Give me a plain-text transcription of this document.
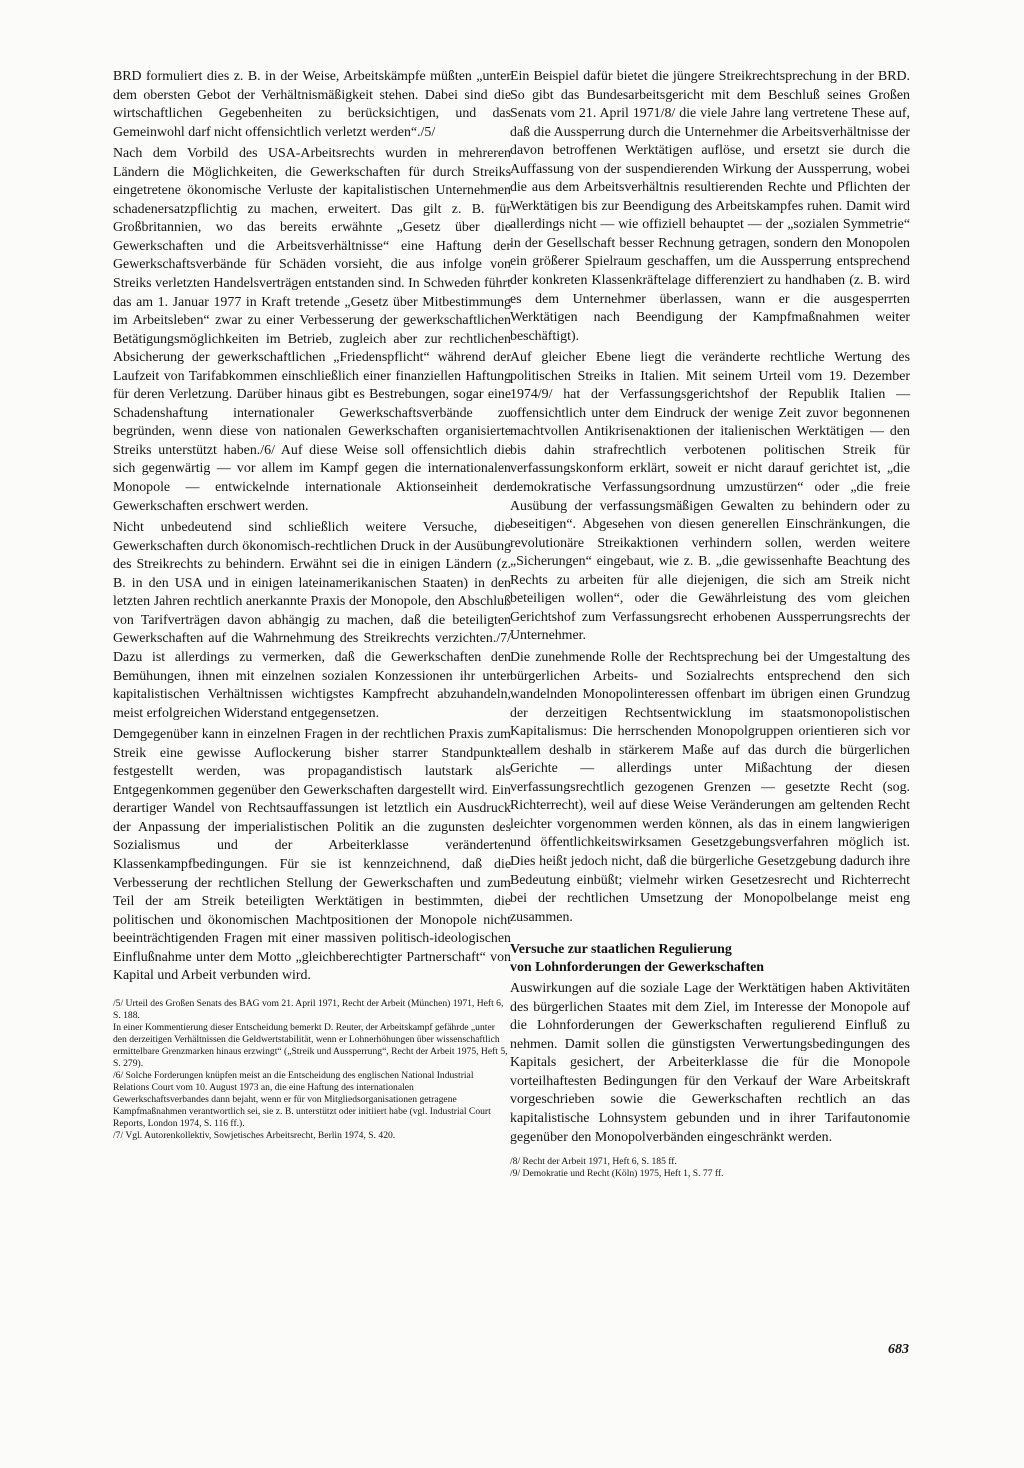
BRD formuliert dies z. B. in der Weise, Arbeitskämpfe müßten „unter dem obersten Gebot der Verhältnismäßigkeit stehen. Dabei sind die wirtschaftlichen Gegebenheiten zu berücksichtigen, und das Gemeinwohl darf nicht offensichtlich verletzt werden“./5/

Nach dem Vorbild des USA-Arbeitsrechts wurden in mehreren Ländern die Möglichkeiten, die Gewerkschaften für durch Streiks eingetretene ökonomische Verluste der kapitalistischen Unternehmen schadenersatzpflichtig zu machen, erweitert. Das gilt z. B. für Großbritannien, wo das bereits erwähnte „Gesetz über die Gewerkschaften und die Arbeitsverhältnisse“ eine Haftung der Gewerkschaftsverbände für Schäden vorsieht, die aus infolge von Streiks verletzten Handelsverträgen entstanden sind. In Schweden führt das am 1. Januar 1977 in Kraft tretende „Gesetz über Mitbestimmung im Arbeitsleben“ zwar zu einer Verbesserung der gewerkschaftlichen Betätigungsmöglichkeiten im Betrieb, zugleich aber zur rechtlichen Absicherung der gewerkschaftlichen „Friedenspflicht“ während der Laufzeit von Tarifabkommen einschließlich einer finanziellen Haftung für deren Verletzung. Darüber hinaus gibt es Bestrebungen, sogar eine Schadenshaftung internationaler Gewerkschaftsverbände zu begründen, wenn diese von nationalen Gewerkschaften organisierte Streiks unterstützt haben./6/ Auf diese Weise soll offensichtlich die sich gegenwärtig — vor allem im Kampf gegen die internationalen Monopole — entwickelnde internationale Aktionseinheit der Gewerkschaften erschwert werden.

Nicht unbedeutend sind schließlich weitere Versuche, die Gewerkschaften durch ökonomisch-rechtlichen Druck in der Ausübung des Streikrechts zu behindern. Erwähnt sei die in einigen Ländern (z. B. in den USA und in einigen lateinamerikanischen Staaten) in den letzten Jahren rechtlich anerkannte Praxis der Monopole, den Abschluß von Tarifverträgen davon abhängig zu machen, daß die beteiligten Gewerkschaften auf die Wahrnehmung des Streikrechts verzichten./7/ Dazu ist allerdings zu vermerken, daß die Gewerkschaften den Bemühungen, ihnen mit einzelnen sozialen Konzessionen ihr unter kapitalistischen Verhältnissen wichtigstes Kampfrecht abzuhandeln, meist erfolgreichen Widerstand entgegensetzen.

Demgegenüber kann in einzelnen Fragen in der rechtlichen Praxis zum Streik eine gewisse Auflockerung bisher starrer Standpunkte festgestellt werden, was propagandistisch lautstark als Entgegenkommen gegenüber den Gewerkschaften dargestellt wird. Ein derartiger Wandel von Rechtsauffassungen ist letztlich ein Ausdruck der Anpassung der imperialistischen Politik an die zugunsten des Sozialismus und der Arbeiterklasse veränderten Klassenkampfbedingungen. Für sie ist kennzeichnend, daß die Verbesserung der rechtlichen Stellung der Gewerkschaften und zum Teil der am Streik beteiligten Werktätigen in bestimmten, die politischen und ökonomischen Machtpositionen der Monopole nicht beeinträchtigenden Fragen mit einer massiven politisch-ideologischen Einflußnahme unter dem Motto „gleichberechtigter Partnerschaft“ von Kapital und Arbeit verbunden wird.

/5/ Urteil des Großen Senats des BAG vom 21. April 1971, Recht der Arbeit (München) 1971, Heft 6, S. 188.

In einer Kommentierung dieser Entscheidung bemerkt D. Reuter, der Arbeitskampf gefährde „unter den derzeitigen Verhältnissen die Geldwertstabilität, wenn er Lohnerhöhungen über wissenschaftlich ermittelbare Grenzmarken hinaus erzwingt“ („Streik und Aussperrung“, Recht der Arbeit 1975, Heft 5, S. 279).

/6/ Solche Forderungen knüpfen meist an die Entscheidung des englischen National Industrial Relations Court vom 10. August 1973 an, die eine Haftung des internationalen Gewerkschaftsverbandes dann bejaht, wenn er für von Mitgliedsorganisationen getragene Kampfmaßnahmen verantwortlich sei, sie z. B. unterstützt oder initiiert habe (vgl. Industrial Court Reports, London 1974, S. 116 ff.).

/7/ Vgl. Autorenkollektiv, Sowjetisches Arbeitsrecht, Berlin 1974, S. 420.

Ein Beispiel dafür bietet die jüngere Streikrechtsprechung in der BRD. So gibt das Bundesarbeitsgericht mit dem Beschluß seines Großen Senats vom 21. April 1971/8/ die viele Jahre lang vertretene These auf, daß die Aussperrung durch die Unternehmer die Arbeitsverhältnisse der davon betroffenen Werktätigen auflöse, und ersetzt sie durch die Auffassung von der suspendierenden Wirkung der Aussperrung, wobei die aus dem Arbeitsverhältnis resultierenden Rechte und Pflichten der Werktätigen bis zur Beendigung des Arbeitskampfes ruhen. Damit wird allerdings nicht — wie offiziell behauptet — der „sozialen Symmetrie“ in der Gesellschaft besser Rechnung getragen, sondern den Monopolen ein größerer Spielraum geschaffen, um die Aussperrung entsprechend der konkreten Klassenkräftelage differenziert zu handhaben (z. B. wird es dem Unternehmer überlassen, wann er die ausgesperrten Werktätigen nach Beendigung der Kampfmaßnahmen weiter beschäftigt).

Auf gleicher Ebene liegt die veränderte rechtliche Wertung des politischen Streiks in Italien. Mit seinem Urteil vom 19. Dezember 1974/9/ hat der Verfassungsgerichtshof der Republik Italien — offensichtlich unter dem Eindruck der wenige Zeit zuvor begonnenen machtvollen Antikrisenaktionen der italienischen Werktätigen — den bis dahin strafrechtlich verbotenen politischen Streik für verfassungskonform erklärt, soweit er nicht darauf gerichtet ist, „die demokratische Verfassungsordnung umzustürzen“ oder „die freie Ausübung der verfassungsmäßigen Gewalten zu behindern oder zu beseitigen“. Abgesehen von diesen generellen Einschränkungen, die revolutionäre Streikaktionen verhindern sollen, werden weitere „Sicherungen“ eingebaut, wie z. B. „die gewissenhafte Beachtung des Rechts zu arbeiten für alle diejenigen, die sich am Streik nicht beteiligen wollen“, oder die Gewährleistung des vom gleichen Gerichtshof zum Verfassungsrecht erhobenen Aussperrungsrechts der Unternehmer.

Die zunehmende Rolle der Rechtsprechung bei der Umgestaltung des bürgerlichen Arbeits- und Sozialrechts entsprechend den sich wandelnden Monopolinteressen offenbart im übrigen einen Grundzug der derzeitigen Rechtsentwicklung im staatsmonopolistischen Kapitalismus: Die herrschenden Monopolgruppen orientieren sich vor allem deshalb in stärkerem Maße auf das durch die bürgerlichen Gerichte — allerdings unter Mißachtung der diesen verfassungsrechtlich gezogenen Grenzen — gesetzte Recht (sog. Richterrecht), weil auf diese Weise Veränderungen am geltenden Recht leichter vorgenommen werden können, als das in einem langwierigen und öffentlichkeitswirksamen Gesetzgebungsverfahren möglich ist. Dies heißt jedoch nicht, daß die bürgerliche Gesetzgebung dadurch ihre Bedeutung einbüßt; vielmehr wirken Gesetzesrecht und Richterrecht bei der rechtlichen Umsetzung der Monopolbelange meist eng zusammen.

Versuche zur staatlichen Regulierung
von Lohnforderungen der Gewerkschaften

Auswirkungen auf die soziale Lage der Werktätigen haben Aktivitäten des bürgerlichen Staates mit dem Ziel, im Interesse der Monopole auf die Lohnforderungen der Gewerkschaften regulierend Einfluß zu nehmen. Damit sollen die günstigsten Verwertungsbedingungen des Kapitals gesichert, der Arbeiterklasse die für die Monopole vorteilhaftesten Bedingungen für den Verkauf der Ware Arbeitskraft vorgeschrieben sowie die Gewerkschaften rechtlich an das kapitalistische Lohnsystem gebunden und in ihrer Tarifautonomie gegenüber den Monopolverbänden eingeschränkt werden.

/8/ Recht der Arbeit 1971, Heft 6, S. 185 ff.

/9/ Demokratie und Recht (Köln) 1975, Heft 1, S. 77 ff.

683
